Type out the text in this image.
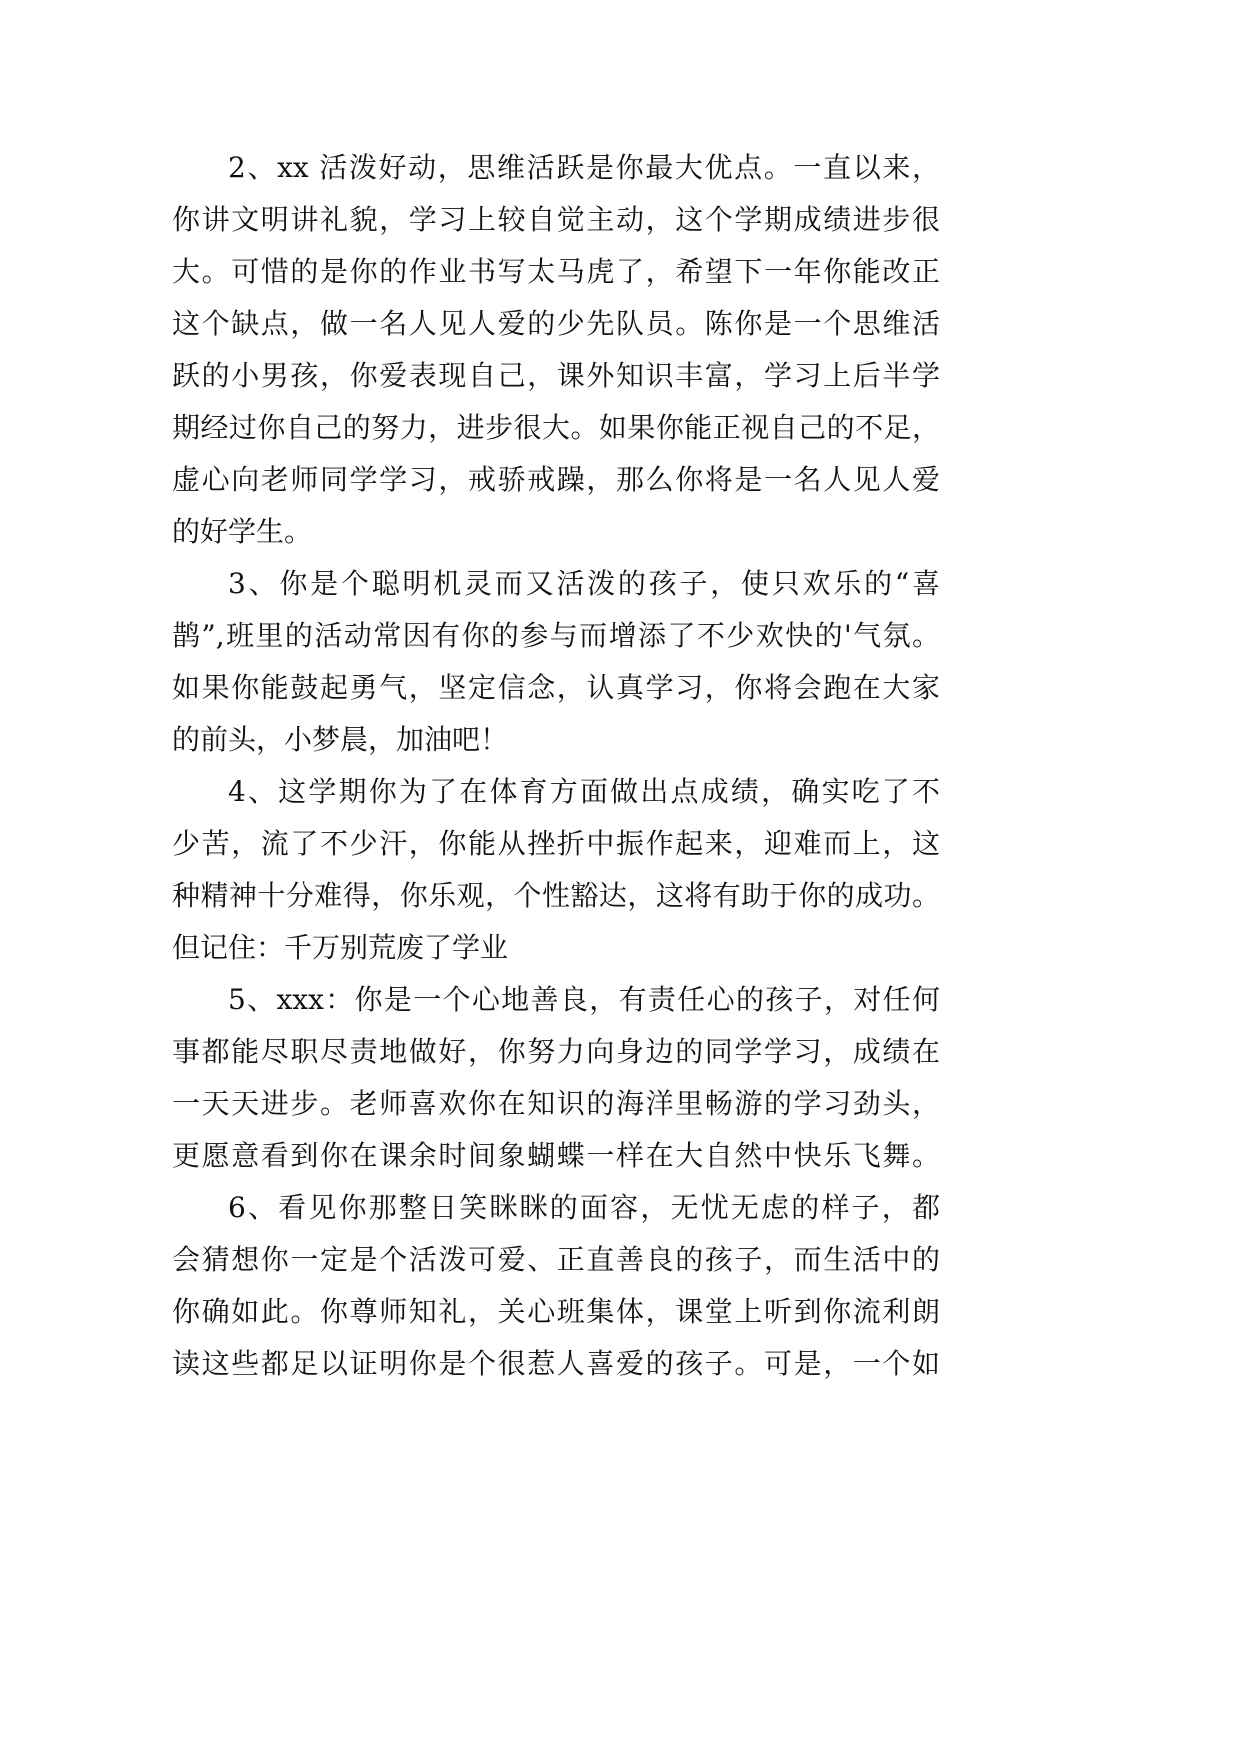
2、xx 活泼好动，思维活跃是你最大优点。一直以来，
你讲文明讲礼貌，学习上较自觉主动，这个学期成绩进步很
大。可惜的是你的作业书写太马虎了，希望下一年你能改正
这个缺点，做一名人见人爱的少先队员。陈你是一个思维活
跃的小男孩，你爱表现自己，课外知识丰富，学习上后半学
期经过你自己的努力，进步很大。如果你能正视自己的不足，
虚心向老师同学学习，戒骄戒躁，那么你将是一名人见人爱
的好学生。
3、你是个聪明机灵而又活泼的孩子，使只欢乐的“喜
鹊”,班里的活动常因有你的参与而增添了不少欢快的'气氛。
如果你能鼓起勇气，坚定信念，认真学习，你将会跑在大家
的前头，小梦晨，加油吧！
4、这学期你为了在体育方面做出点成绩，确实吃了不
少苦，流了不少汗，你能从挫折中振作起来，迎难而上，这
种精神十分难得，你乐观，个性豁达，这将有助于你的成功。
但记住：千万别荒废了学业
5、xxx：你是一个心地善良，有责任心的孩子，对任何
事都能尽职尽责地做好，你努力向身边的同学学习，成绩在
一天天进步。老师喜欢你在知识的海洋里畅游的学习劲头，
更愿意看到你在课余时间象蝴蝶一样在大自然中快乐飞舞。
6、看见你那整日笑眯眯的面容，无忧无虑的样子，都
会猜想你一定是个活泼可爱、正直善良的孩子，而生活中的
你确如此。你尊师知礼，关心班集体，课堂上听到你流利朗
读这些都足以证明你是个很惹人喜爱的孩子。可是，一个如
